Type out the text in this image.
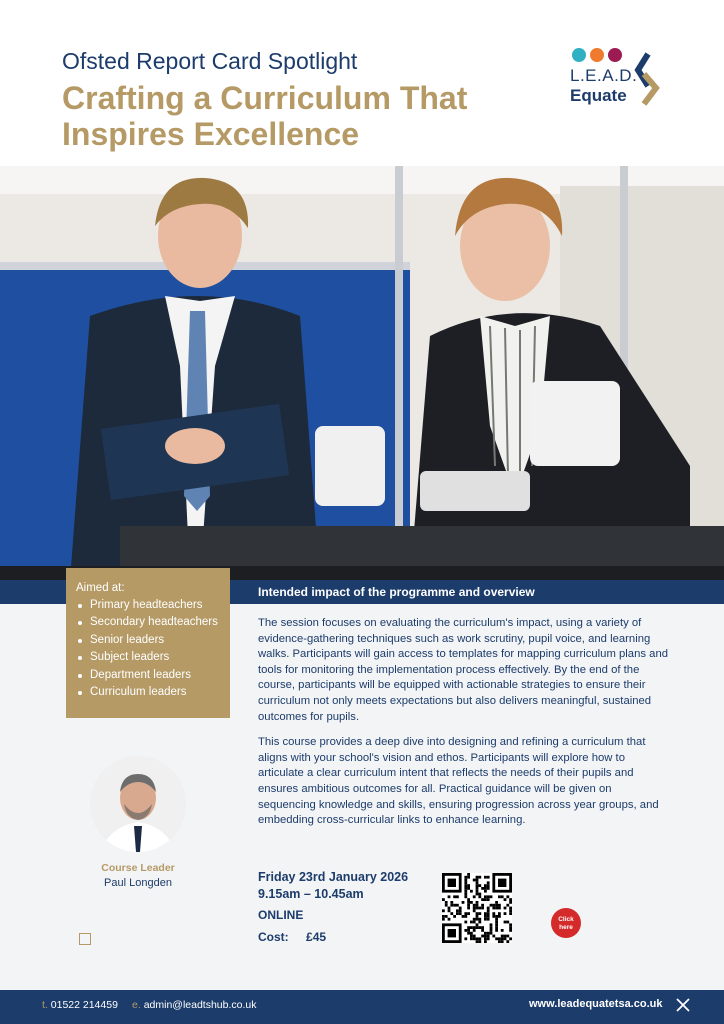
Ofsted Report Card Spotlight
Crafting a Curriculum That
Inspires Excellence
L.E.A.D.
Equate
Intended impact of the programme and overview
Aimed at:
Primary headteachers
Secondary headteachers
Senior leaders
Subject leaders
Department leaders
Curriculum leaders

The session focuses on evaluating the curriculum's impact, using a variety of evidence-gathering techniques such as work scrutiny, pupil voice, and learning walks. Participants will gain access to templates for mapping curriculum plans and tools for monitoring the implementation process effectively. By the end of the course, participants will be equipped with actionable strategies to ensure their curriculum not only meets expectations but also delivers meaningful, sustained outcomes for pupils.

This course provides a deep dive into designing and refining a curriculum that aligns with your school's vision and ethos. Participants will explore how to articulate a clear curriculum intent that reflects the needs of their pupils and ensures ambitious outcomes for all. Practical guidance will be given on sequencing knowledge and skills, ensuring progression across year groups, and embedding cross-curricular links to enhance learning.

Course Leader
Paul Longden	Friday 23rd January 2026
9.15am – 10.45am
ONLINE
Cost: £45
Click
here
t. 01522 214459 e. admin@leadtshub.co.uk	www.leadequatetsa.co.uk
